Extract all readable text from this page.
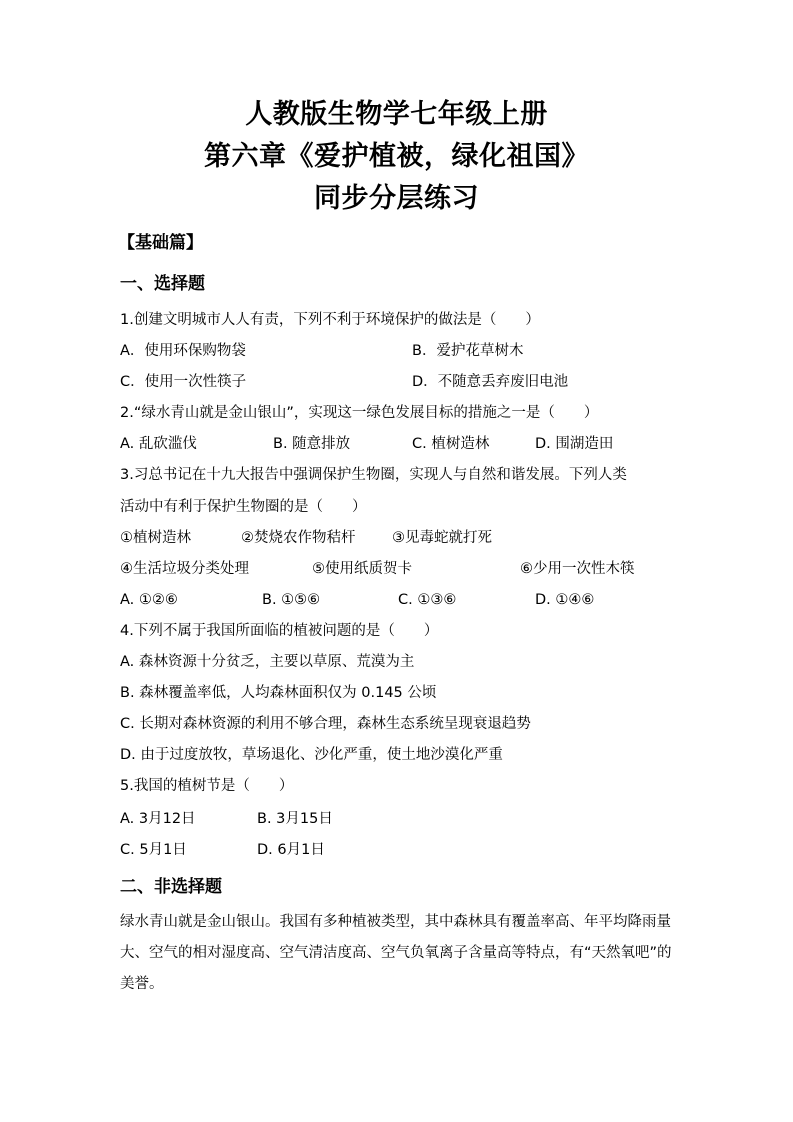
人教版生物学七年级上册
第六章《爱护植被，绿化祖国》
同步分层练习
【基础篇】
一、选择题
1.创建文明城市人人有责，下列不利于环境保护的做法是（　　）
A．使用环保购物袋	B．爱护花草树木
C．使用一次性筷子	D．不随意丢弃废旧电池
2.“绿水青山就是金山银山”，实现这一绿色发展目标的措施之一是（　　）
A. 乱砍滥伐	B. 随意排放	C. 植树造林	D. 围湖造田
3.习总书记在十九大报告中强调保护生物圈，实现人与自然和谐发展。下列人类
活动中有利于保护生物圈的是（　　）
①植树造林	②焚烧农作物秸杆	③见毒蛇就打死
④生活垃圾分类处理	⑤使用纸质贺卡	⑥少用一次性木筷
A. ①②⑥	B. ①⑤⑥	C. ①③⑥	D. ①④⑥
4.下列不属于我国所面临的植被问题的是（　　）
A. 森林资源十分贫乏，主要以草原、荒漠为主
B. 森林覆盖率低，人均森林面积仅为 0.145 公顷
C. 长期对森林资源的利用不够合理，森林生态系统呈现衰退趋势
D. 由于过度放牧，草场退化、沙化严重，使土地沙漠化严重
5.我国的植树节是（　　）
A. 3月12日	B. 3月15日
C. 5月1日	D. 6月1日
二、非选择题
绿水青山就是金山银山。我国有多种植被类型，其中森林具有覆盖率高、年平均降雨量大、空气的相对湿度高、空气清洁度高、空气负氧离子含量高等特点，有“天然氧吧”的美誉。
